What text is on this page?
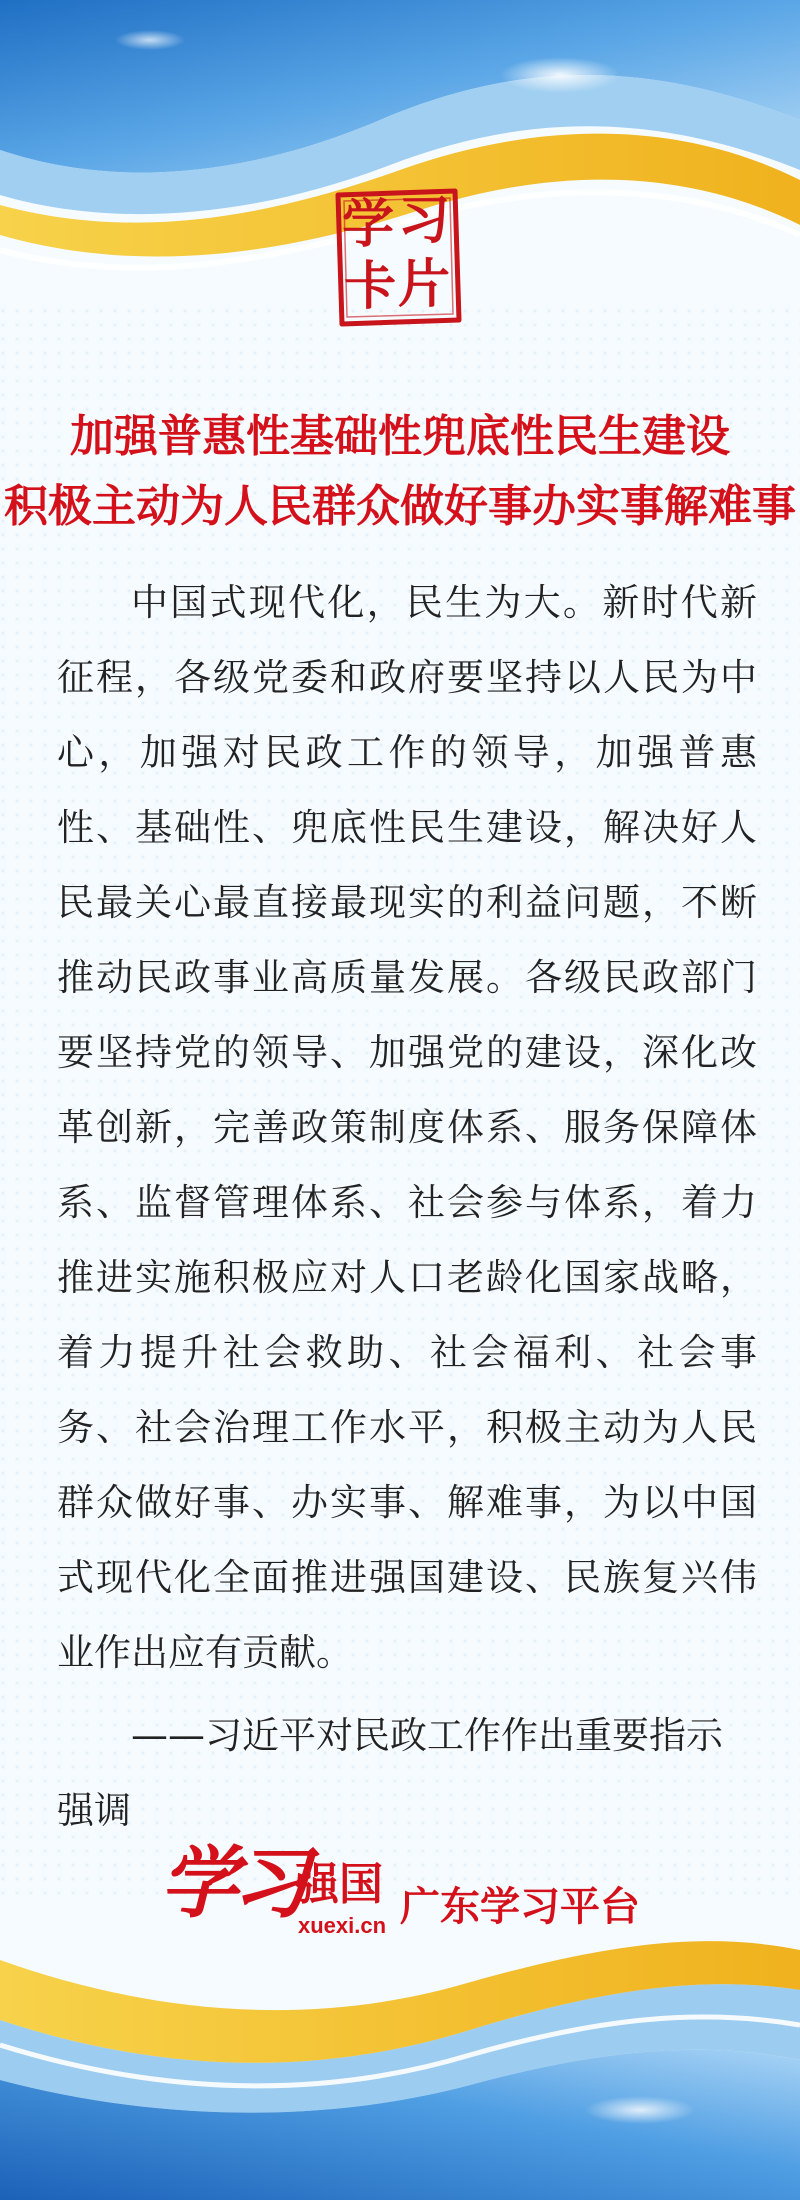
学 习
卡 片
加强普惠性基础性兜底性民生建设
积极主动为人民群众做好事办实事解难事

中国式现代化，民生为大。新时代新征程，各级党委和政府要坚持以人民为中心，加强对民政工作的领导，加强普惠性、基础性、兜底性民生建设，解决好人民最关心最直接最现实的利益问题，不断推动民政事业高质量发展。各级民政部门要坚持党的领导、加强党的建设，深化改革创新，完善政策制度体系、服务保障体系、监督管理体系、社会参与体系，着力推进实施积极应对人口老龄化国家战略，着力提升社会救助、社会福利、社会事务、社会治理工作水平，积极主动为人民群众做好事、办实事、解难事，为以中国式现代化全面推进强国建设、民族复兴伟业作出应有贡献。

——习近平对民政工作作出重要指示强调

学习
强国
xuexi.cn 广东学习平台
